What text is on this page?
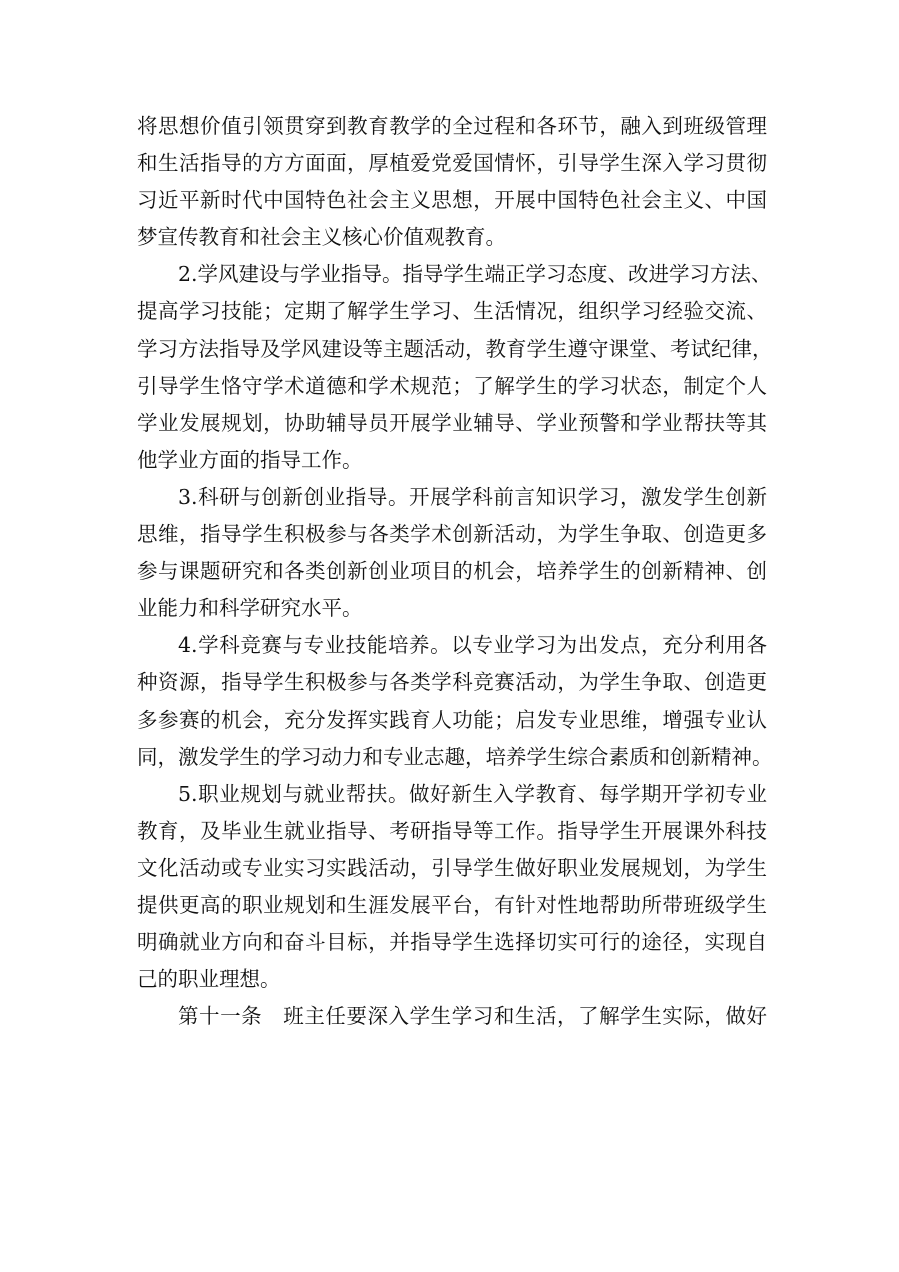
将思想价值引领贯穿到教育教学的全过程和各环节，融入到班级管理
和生活指导的方方面面，厚植爱党爱国情怀，引导学生深入学习贯彻
习近平新时代中国特色社会主义思想，开展中国特色社会主义、中国
梦宣传教育和社会主义核心价值观教育。
2.学风建设与学业指导。指导学生端正学习态度、改进学习方法、
提高学习技能；定期了解学生学习、生活情况，组织学习经验交流、
学习方法指导及学风建设等主题活动，教育学生遵守课堂、考试纪律，
引导学生恪守学术道德和学术规范；了解学生的学习状态，制定个人
学业发展规划，协助辅导员开展学业辅导、学业预警和学业帮扶等其
他学业方面的指导工作。
3.科研与创新创业指导。开展学科前言知识学习，激发学生创新
思维，指导学生积极参与各类学术创新活动，为学生争取、创造更多
参与课题研究和各类创新创业项目的机会，培养学生的创新精神、创
业能力和科学研究水平。
4.学科竞赛与专业技能培养。以专业学习为出发点，充分利用各
种资源，指导学生积极参与各类学科竞赛活动，为学生争取、创造更
多参赛的机会，充分发挥实践育人功能；启发专业思维，增强专业认
同，激发学生的学习动力和专业志趣，培养学生综合素质和创新精神。
5.职业规划与就业帮扶。做好新生入学教育、每学期开学初专业
教育，及毕业生就业指导、考研指导等工作。指导学生开展课外科技
文化活动或专业实习实践活动，引导学生做好职业发展规划，为学生
提供更高的职业规划和生涯发展平台，有针对性地帮助所带班级学生
明确就业方向和奋斗目标，并指导学生选择切实可行的途径，实现自
己的职业理想。
第十一条　班主任要深入学生学习和生活，了解学生实际，做好
